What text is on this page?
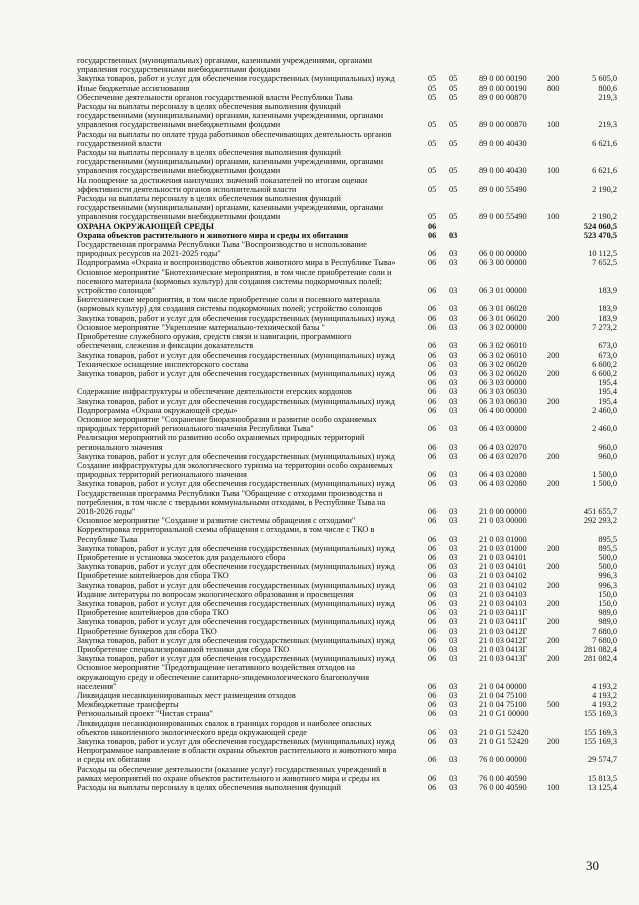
государственных (муниципальных) органами, казенными учреждениями, органами
управления государственными внебюджетными фондами
Закупка товаров, работ и услуг для обеспечения государственных (муниципальных) нужд	05	05	89 0 00 00190	200	5 605,0
Иные бюджетные ассигнования	05	05	89 0 00 00190	800	800,6
Обеспечение деятельности органов государственной власти Республики Тыва	05	05	89 0 00 00870	219,3
Расходы на выплаты персоналу в целях обеспечения выполнения функций
государственными (муниципальными) органами, казенными учреждениями, органами
управления государственными внебюджетными фондами	05	05	89 0 00 00870	100	219,3
Расходы на выплаты по оплате труда работников обеспечивающих деятельность органов
государственной власти	05	05	89 0 00 40430	6 621,6
Расходы на выплаты персоналу в целях обеспечения выполнения функций
государственными (муниципальными) органами, казенными учреждениями, органами
управления государственными внебюджетными фондами	05	05	89 0 00 40430	100	6 621,6
На поощрение за достижения наилучших значений показателей по итогам оценки
эффективности деятельности органов исполнительной власти	05	05	89 0 00 55490	2 190,2
Расходы на выплаты персоналу в целях обеспечения выполнения функций
государственными (муниципальными) органами, казенными учреждениями, органами
управления государственными внебюджетными фондами	05	05	89 0 00 55490	100	2 190,2
ОХРАНА ОКРУЖАЮЩЕЙ СРЕДЫ	06	524 060,5
Охрана объектов растительного и животного мира и среды их обитания	06	03	523 470,5
Государственная программа Республики Тыва "Воспроизводство и использование
природных ресурсов на 2021-2025 годы"	06	03	06 0 00 00000	10 112,5
Подпрограмма «Охрана и воспроизводство объектов животного мира в Республике Тыва»	06	03	06 3 00 00000	7 652,5
Основное мероприятие "Биотехнические мероприятия, в том числе приобретение соли и
посевного материала (кормовых культур) для создания системы подкормочных полей;
устройство солонцов"	06	03	06 3 01 00000	183,9
Биотехнические мероприятия, в том числе приобретение соли и посевного материала
(кормовых культур) для создания системы подкормочных полей; устройство солонцов	06	03	06 3 01 06020	183,9
Закупка товаров, работ и услуг для обеспечения государственных (муниципальных) нужд	06	03	06 3 01 06020	200	183,9
Основное мероприятие "Укрепление материально-технической базы "	06	03	06 3 02 00000	7 273,2
Приобретение служебного оружия, средств связи и навигации, программного
обеспечения, слежения и фиксации доказательств	06	03	06 3 02 06010	673,0
Закупка товаров, работ и услуг для обеспечения государственных (муниципальных) нужд	06	03	06 3 02 06010	200	673,0
Техническое оснащение инспекторского состава	06	03	06 3 02 06020	6 600,2
Закупка товаров, работ и услуг для обеспечения государственных (муниципальных) нужд	06	03	06 3 02 06020	200	6 600,2
06	03	06 3 03 00000	195,4
Содержание инфраструктуры и обеспечение деятельности егерских кордонов	06	03	06 3 03 06030	195,4
Закупка товаров, работ и услуг для обеспечения государственных (муниципальных) нужд	06	03	06 3 03 06030	200	195,4
Подпрограмма «Охрана окружающей среды»	06	03	06 4 00 00000	2 460,0
Основное мероприятие "Сохранение биоразнообразия и развитие особо охраняемых
природных территорий регионального значения Республики Тыва"	06	03	06 4 03 00000	2 460,0
Реализация мероприятий по развитию особо охраняемых природных территорий
регионального значения	06	03	06 4 03 02070	960,0
Закупка товаров, работ и услуг для обеспечения государственных (муниципальных) нужд	06	03	06 4 03 02070	200	960,0
Создание инфраструктуры для экологического туризма на территории особо охраняемых
природных территорий регионального значения	06	03	06 4 03 02080	1 500,0
Закупка товаров, работ и услуг для обеспечения государственных (муниципальных) нужд	06	03	06 4 03 02080	200	1 500,0
Государственная программа Республики Тыва "Обращение с отходами производства и
потребления, в том числе с твердыми коммунальными отходами, в Республике Тыва на
2018-2026 годы"	06	03	21 0 00 00000	451 655,7
Основное мероприятие "Создание и развитие системы обращения с отходами"	06	03	21 0 03 00000	292 293,2
Корректировка территориальной схемы обращения с отходами, в том числе с ТКО в
Республике Тыва	06	03	21 0 03 01000	895,5
Закупка товаров, работ и услуг для обеспечения государственных (муниципальных) нужд	06	03	21 0 03 01000	200	895,5
Приобретение и установка экосеток для раздельного сбора	06	03	21 0 03 04101	500,0
Закупка товаров, работ и услуг для обеспечения государственных (муниципальных) нужд	06	03	21 0 03 04101	200	500,0
Приобретение контейнеров для сбора ТКО	06	03	21 0 03 04102	996,3
Закупка товаров, работ и услуг для обеспечения государственных (муниципальных) нужд	06	03	21 0 03 04102	200	996,3
Издание литературы по вопросам экологического образования и просвещения	06	03	21 0 03 04103	150,0
Закупка товаров, работ и услуг для обеспечения государственных (муниципальных) нужд	06	03	21 0 03 04103	200	150,0
Приобретение контейнеров для сбора ТКО	06	03	21 0 03 0411Г	989,0
Закупка товаров, работ и услуг для обеспечения государственных (муниципальных) нужд	06	03	21 0 03 0411Г	200	989,0
Приобретение бункеров для сбора ТКО	06	03	21 0 03 0412Г	7 680,0
Закупка товаров, работ и услуг для обеспечения государственных (муниципальных) нужд	06	03	21 0 03 0412Г	200	7 680,0
Приобретение специализированной техники для сбора ТКО	06	03	21 0 03 0413Г	281 082,4
Закупка товаров, работ и услуг для обеспечения государственных (муниципальных) нужд	06	03	21 0 03 0413Г	200	281 082,4
Основное мероприятие "Предотвращение негативного воздействия отходов на
окружающую среду и обеспечение санитарно-эпидемиологического благополучия
населения"	06	03	21 0 04 00000	4 193,2
Ликвидация несанкционированных мест размещения отходов	06	03	21 0 04 75100	4 193,2
Межбюджетные трансферты	06	03	21 0 04 75100	500	4 193,2
Региональный проект "Чистая страна"	06	03	21 0 G1 00000	155 169,3
Ликвидация несанкционированных свалок в границах городов и наиболее опасных
объектов накопленного экологического вреда окружающей среде	06	03	21 0 G1 52420	155 169,3
Закупка товаров, работ и услуг для обеспечения государственных (муниципальных) нужд	06	03	21 0 G1 52420	200	155 169,3
Непрограммное направление в области охраны объектов растительного и животного мира
и среды их обитания	06	03	76 0 00 00000	29 574,7
Расходы на обеспечение деятельности (оказание услуг) государственных учреждений в
рамках мероприятий по охране объектов растительного и животного мира и среды их	06	03	76 0 00 40590	15 813,5
Расходы на выплаты персоналу в целях обеспечения выполнения функций	06	03	76 0 00 40590	100	13 125,4
30
